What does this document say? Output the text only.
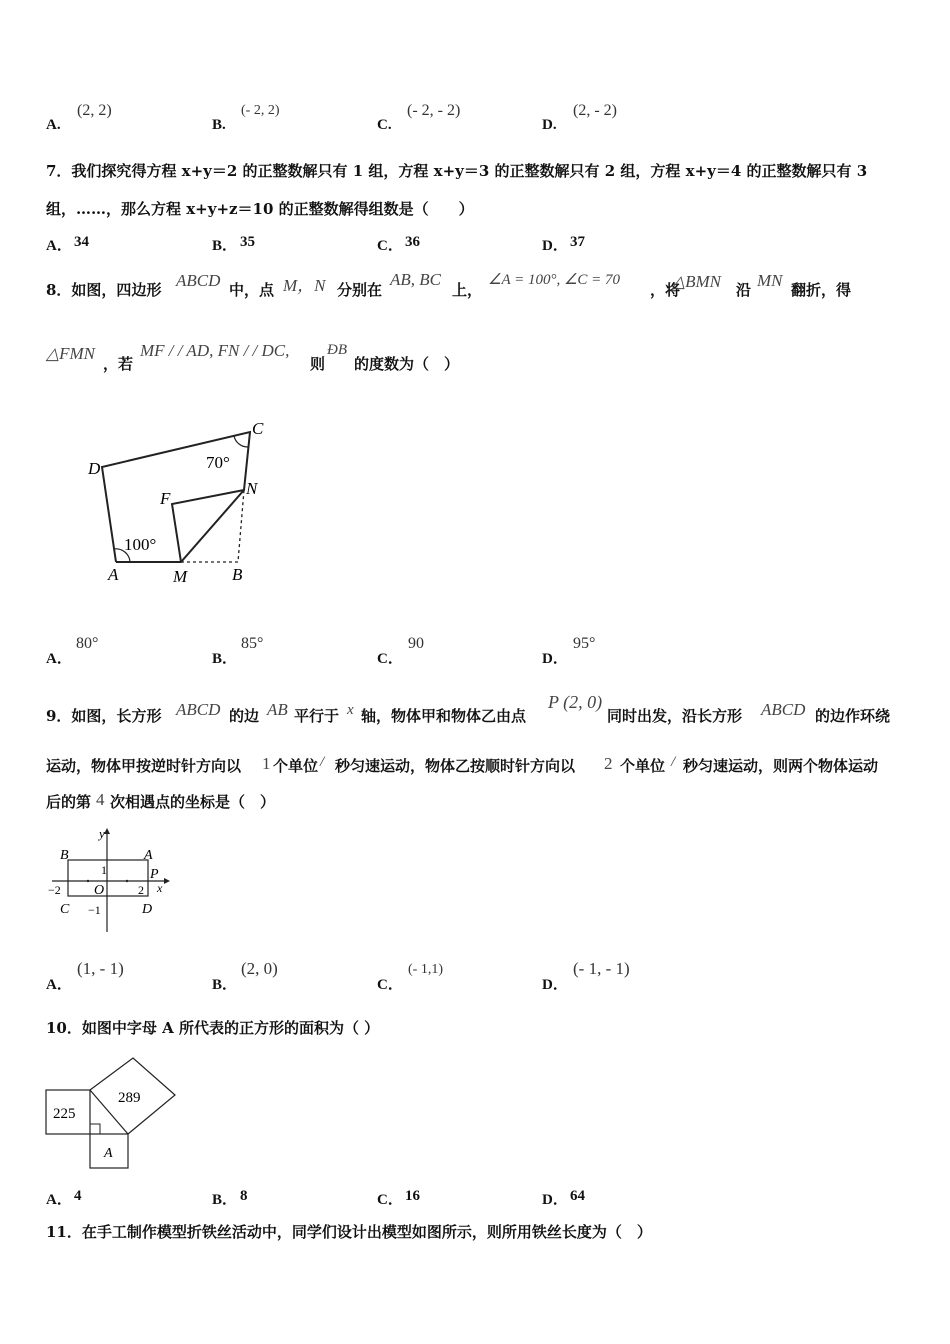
A.
(2, 2)
B.
(- 2, 2)
C.
(- 2, - 2)
D.
(2, - 2)
7．我们探究得方程 x+y＝2 的正整数解只有 1 组，方程 x+y＝3 的正整数解只有 2 组，方程 x+y＝4 的正整数解只有 3
组，……，那么方程 x+y+z＝10 的正整数解得组数是（　　）
A． 34	B． 35	C． 36	D． 37
8．如图，四边形 ABCD 中，点 M，N 分别在
AB, BC
上，
∠A = 100°, ∠C = 70
，将
△BMN 沿 MN 翻折，得
△FMN
，若
MF / / AD, FN / / DC,
则
ÐB
的度数为（　）
A	B
C
D
F
M
N
100°
70°
A．
80°
B．
85°
C．
90
D．
95°
9．如图，长方形 ABCD 的边 AB 平行于 x 轴，物体甲和物体乙由点
P (2, 0)
同时出发，沿长方形 ABCD 的边作环绕
运动，物体甲按逆时针方向以 1 个单位 / 秒匀速运动，物体乙按顺时针方向以 2 个单位 / 秒匀速运动，则两个物体运动
后的第 4 次相遇点的坐标是（　）
y
x
B	A
C	D
P
O
1
−1
2
−2
A．
(1, - 1)
B．
(2, 0)
C．
(- 1,1)
D．
(- 1, - 1)
10．如图中字母 A 所代表的正方形的面积为（ ）
225
289
A
A． 4	B． 8	C． 16	D． 64
11．在手工制作模型折铁丝活动中，同学们设计出模型如图所示，则所用铁丝长度为（　）
